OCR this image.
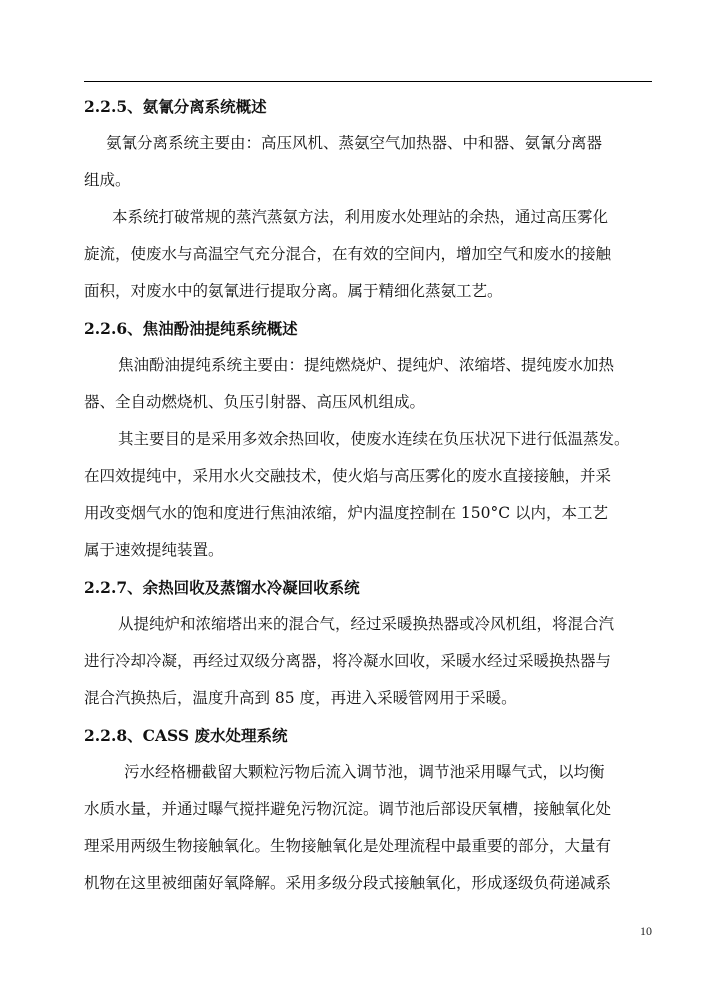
2.2.5、氨氰分离系统概述
氨氰分离系统主要由：高压风机、蒸氨空气加热器、中和器、氨氰分离器
组成。
本系统打破常规的蒸汽蒸氨方法，利用废水处理站的余热，通过高压雾化
旋流，使废水与高温空气充分混合，在有效的空间内，增加空气和废水的接触
面积，对废水中的氨氰进行提取分离。属于精细化蒸氨工艺。
2.2.6、焦油酚油提纯系统概述
焦油酚油提纯系统主要由：提纯燃烧炉、提纯炉、浓缩塔、提纯废水加热
器、全自动燃烧机、负压引射器、高压风机组成。
其主要目的是采用多效余热回收，使废水连续在负压状况下进行低温蒸发。
在四效提纯中，采用水火交融技术，使火焰与高压雾化的废水直接接触，并采
用改变烟气水的饱和度进行焦油浓缩，炉内温度控制在 150°C 以内，本工艺
属于速效提纯装置。
2.2.7、余热回收及蒸馏水冷凝回收系统
从提纯炉和浓缩塔出来的混合气，经过采暖换热器或冷风机组，将混合汽
进行冷却冷凝，再经过双级分离器，将冷凝水回收，采暖水经过采暖换热器与
混合汽换热后，温度升高到 85 度，再进入采暖管网用于采暖。
2.2.8、CASS 废水处理系统
污水经格栅截留大颗粒污物后流入调节池，调节池采用曝气式，以均衡
水质水量，并通过曝气搅拌避免污物沉淀。调节池后部设厌氧槽，接触氧化处
理采用两级生物接触氧化。生物接触氧化是处理流程中最重要的部分，大量有
机物在这里被细菌好氧降解。采用多级分段式接触氧化，形成逐级负荷递减系
10
